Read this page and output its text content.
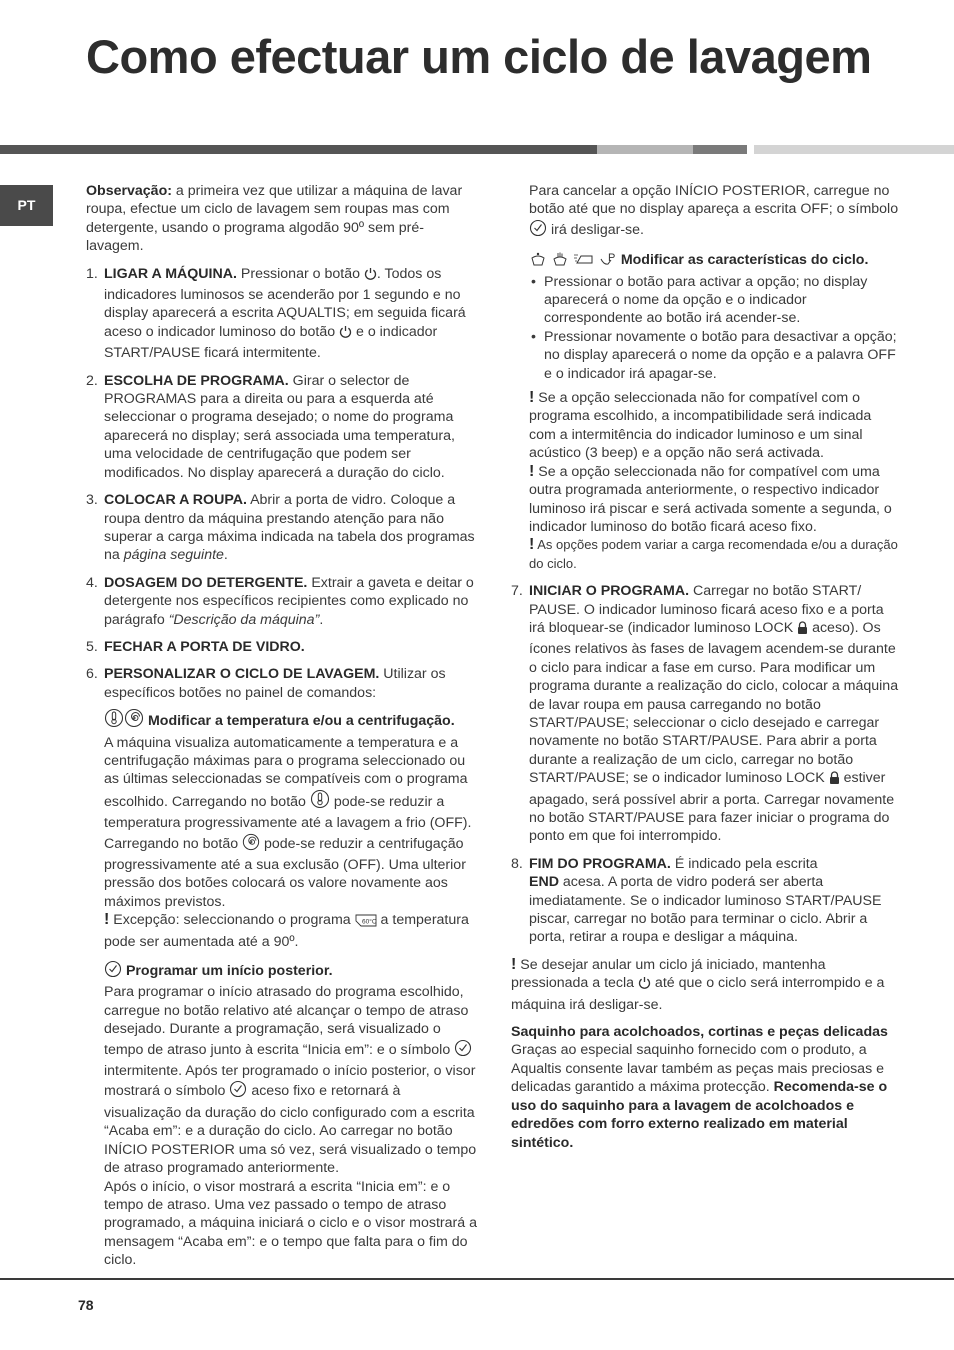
Como efectuar um ciclo de lavagem
PT

Observação: a primeira vez que utilizar a máquina de lavar roupa, efectue um ciclo de lavagem sem roupas mas com detergente, usando o programa algodão 90º sem pré-lavagem.

1. LIGAR A MÁQUINA. Pressionar o botão . Todos os indicadores luminosos se acenderão por 1 segundo e no display aparecerá a escrita AQUALTIS; em seguida ficará aceso o indicador luminoso do botão  e o indicador START/PAUSE ficará intermitente.
2. ESCOLHA DE PROGRAMA. Girar o selector de PROGRAMAS para a direita ou para a esquerda até seleccionar o programa desejado; o nome do programa aparecerá no display; será associada uma temperatura, uma velocidade de centrifugação que podem ser modificados. No display aparecerá a duração do ciclo.
3. COLOCAR A ROUPA. Abrir a porta de vidro. Coloque a roupa dentro da máquina prestando atenção para não superar a carga máxima indicada na tabela dos programas na página seguinte.
4. DOSAGEM DO DETERGENTE. Extrair a gaveta e deitar o detergente nos específicos recipientes como explicado no parágrafo “Descrição da máquina”.
5. FECHAR A PORTA DE VIDRO.
6. PERSONALIZAR O CICLO DE LAVAGEM. Utilizar os específicos botões no painel de comandos:

Modificar a temperatura e/ou a centrifugação.

A máquina visualiza automaticamente a temperatura e a centrifugação máximas para o programa seleccionado ou as últimas seleccionadas se compatíveis com o programa escolhido. Carregando no botão  pode-se reduzir a temperatura progressivamente até a lavagem a frio (OFF). Carregando no botão  pode-se reduzir a centrifugação progressivamente até a sua exclusão (OFF). Uma ulterior pressão dos botões colocará os valore novamente aos máximos previstos.

! Excepção: seleccionando o programa 60°C a temperatura pode ser aumentada até a 90º.

Programar um início posterior.

Para programar o início atrasado do programa escolhido, carregue no botão relativo até alcançar o tempo de atraso desejado. Durante a programação, será visualizado o tempo de atraso junto à escrita “Inicia em”: e o símbolo  intermitente. Após ter programado o início posterior, o visor mostrará o símbolo  aceso fixo e retornará à visualização da duração do ciclo configurado com a escrita “Acaba em”: e a duração do ciclo. Ao carregar no botão INÍCIO POSTERIOR uma só vez, será visualizado o tempo de atraso programado anteriormente.

Após o início, o visor mostrará a escrita “Inicia em”: e o tempo de atraso. Uma vez passado o tempo de atraso programado, a máquina iniciará o ciclo e o visor mostrará a mensagem “Acaba em”: e o tempo que falta para o fim do ciclo.

Para cancelar a opção INÍCIO POSTERIOR, carregue no botão até que no display apareça a escrita OFF; o símbolo  irá desligar-se.

P Modificar as características do ciclo.

• Pressionar o botão para activar a opção; no display aparecerá o nome da opção e o indicador correspondente ao botão irá acender-se.

• Pressionar novamente o botão para desactivar a opção; no display aparecerá o nome da opção e a palavra OFF e o indicador irá apagar-se.

! Se a opção seleccionada não for compatível com o programa escolhido, a incompatibilidade será indicada com a intermitência do indicador luminoso e um sinal acústico (3 beep) e a opção não será activada.

! Se a opção seleccionada não for compatível com uma outra programada anteriormente, o respectivo indicador luminoso irá piscar e será activada somente a segunda, o indicador luminoso do botão ficará aceso fixo.

! As opções podem variar a carga recomendada e/ou a duração do ciclo.

7. INICIAR O PROGRAMA. Carregar no botão START/ PAUSE. O indicador luminoso ficará aceso fixo e a porta irá bloquear-se (indicador luminoso LOCK  aceso). Os ícones relativos às fases de lavagem acendem-se durante o ciclo para indicar a fase em curso. Para modificar um programa durante a realização do ciclo, colocar a máquina de lavar roupa em pausa carregando no botão START/PAUSE; seleccionar o ciclo desejado e carregar novamente no botão START/PAUSE. Para abrir a porta durante a realização de um ciclo, carregar no botão START/PAUSE; se o indicador luminoso LOCK  estiver apagado, será possível abrir a porta. Carregar novamente no botão START/PAUSE para fazer iniciar o programa do ponto em que foi interrompido.
8. FIM DO PROGRAMA. É indicado pela escrita
END acesa. A porta de vidro poderá ser aberta imediatamente. Se o indicador luminoso START/PAUSE piscar, carregar no botão para terminar o ciclo. Abrir a porta, retirar a roupa e desligar a máquina.

! Se desejar anular um ciclo já iniciado, mantenha pressionada a tecla  até que o ciclo será interrompido e a máquina irá desligar-se.

Saquinho para acolchoados, cortinas e peças delicadas

Graças ao especial saquinho fornecido com o produto, a Aqualtis consente lavar também as peças mais preciosas e delicadas garantido a máxima protecção. Recomenda-se o uso do saquinho para a lavagem de acolchoados e edredões com forro externo realizado em material sintético.

78
